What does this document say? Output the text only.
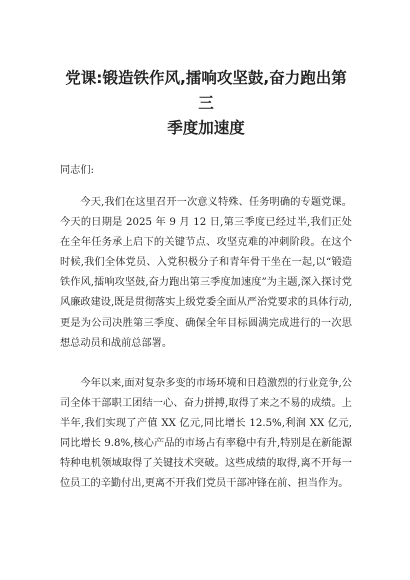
党课:锻造铁作风,擂响攻坚鼓,奋力跑出第三
季度加速度

同志们:

今天,我们在这里召开一次意义特殊、任务明确的专题党课。今天的日期是 2025 年 9 月 12 日,第三季度已经过半,我们正处在全年任务承上启下的关键节点、攻坚克难的冲刺阶段。在这个时候,我们全体党员、入党积极分子和青年骨干坐在一起,以“锻造铁作风,擂响攻坚鼓,奋力跑出第三季度加速度”为主题,深入探讨党风廉政建设,既是贯彻落实上级党委全面从严治党要求的具体行动,更是为公司决胜第三季度、确保全年目标圆满完成进行的一次思想总动员和战前总部署。

今年以来,面对复杂多变的市场环境和日趋激烈的行业竞争,公司全体干部职工团结一心、奋力拼搏,取得了来之不易的成绩。上半年,我们实现了产值 XX 亿元,同比增长 12.5%,利润 XX 亿元,同比增长 9.8%,核心产品的市场占有率稳中有升,特别是在新能源特种电机领域取得了关键技术突破。这些成绩的取得,离不开每一位员工的辛勤付出,更离不开我们党员干部冲锋在前、担当作为。
